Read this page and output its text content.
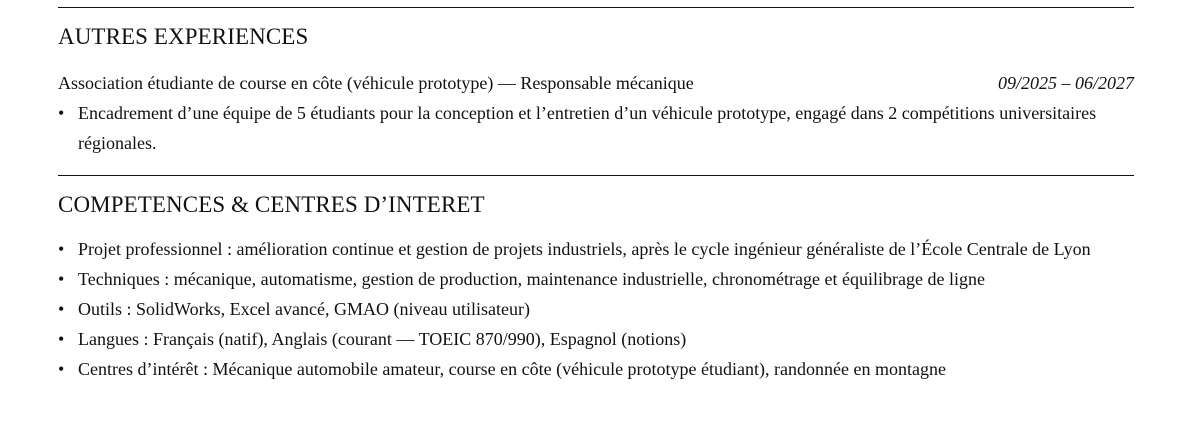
AUTRES EXPERIENCES
Association étudiante de course en côte (véhicule prototype) — Responsable mécanique	09/2025 – 06/2027
• Encadrement d’une équipe de 5 étudiants pour la conception et l’entretien d’un véhicule prototype, engagé dans 2 compétitions universitaires régionales.
COMPETENCES & CENTRES D’INTERET
• Projet professionnel : amélioration continue et gestion de projets industriels, après le cycle ingénieur généraliste de l’École Centrale de Lyon
• Techniques : mécanique, automatisme, gestion de production, maintenance industrielle, chronométrage et équilibrage de ligne
• Outils : SolidWorks, Excel avancé, GMAO (niveau utilisateur)
• Langues : Français (natif), Anglais (courant — TOEIC 870/990), Espagnol (notions)
• Centres d’intérêt : Mécanique automobile amateur, course en côte (véhicule prototype étudiant), randonnée en montagne
